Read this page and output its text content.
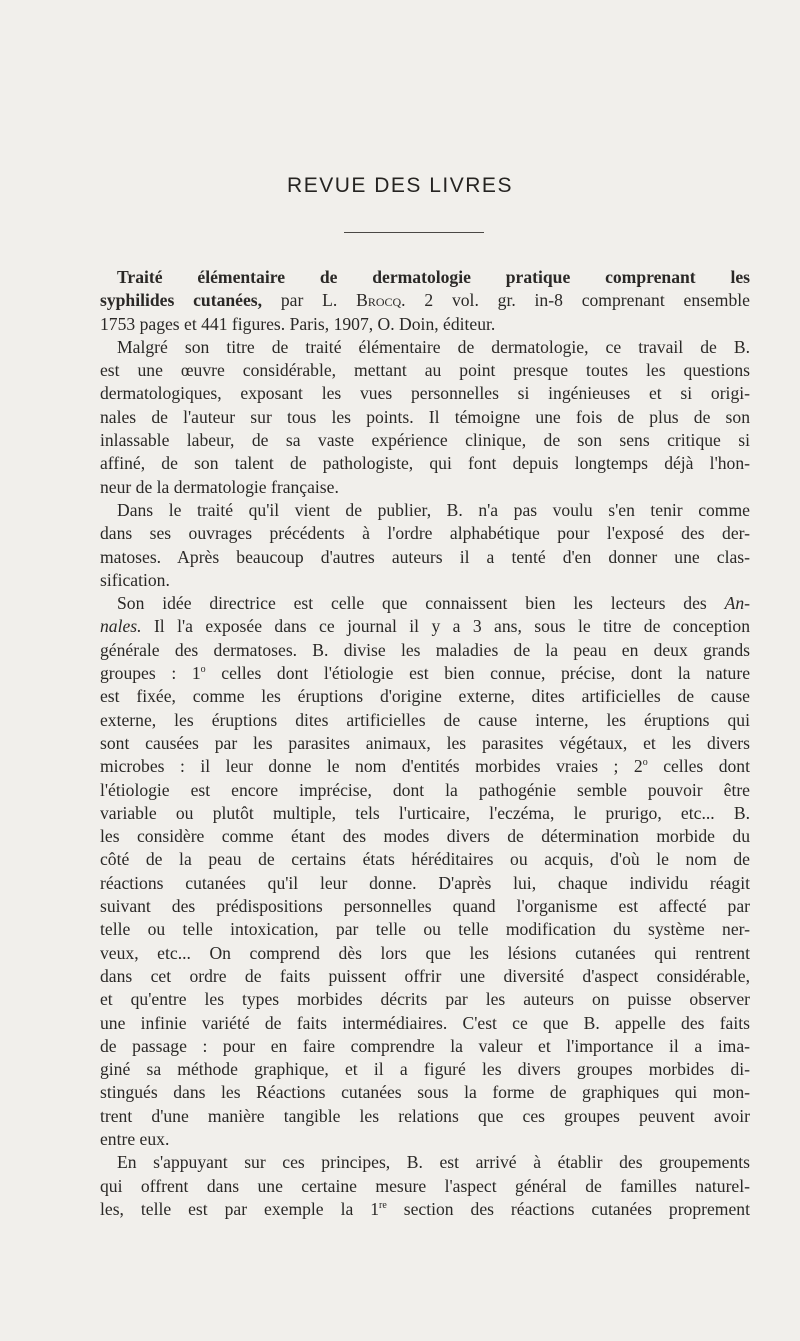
REVUE DES LIVRES

Traité élémentaire de dermatologie pratique comprenant les

syphilides cutanées, par L. Brocq. 2 vol. gr. in-8 comprenant ensemble

1753 pages et 441 figures. Paris, 1907, O. Doin, éditeur.

Malgré son titre de traité élémentaire de dermatologie, ce travail de B.

est une œuvre considérable, mettant au point presque toutes les questions

dermatologiques, exposant les vues personnelles si ingénieuses et si origi-

nales de l'auteur sur tous les points. Il témoigne une fois de plus de son

inlassable labeur, de sa vaste expérience clinique, de son sens critique si

affiné, de son talent de pathologiste, qui font depuis longtemps déjà l'hon-

neur de la dermatologie française.

Dans le traité qu'il vient de publier, B. n'a pas voulu s'en tenir comme

dans ses ouvrages précédents à l'ordre alphabétique pour l'exposé des der-

matoses. Après beaucoup d'autres auteurs il a tenté d'en donner une clas-

sification.

Son idée directrice est celle que connaissent bien les lecteurs des An-

nales. Il l'a exposée dans ce journal il y a 3 ans, sous le titre de conception

générale des dermatoses. B. divise les maladies de la peau en deux grands

groupes : 1$^o$ celles dont l'étiologie est bien connue, précise, dont la nature

est fixée, comme les éruptions d'origine externe, dites artificielles de cause

externe, les éruptions dites artificielles de cause interne, les éruptions qui

sont causées par les parasites animaux, les parasites végétaux, et les divers

microbes : il leur donne le nom d'entités morbides vraies ; 2$^o$ celles dont

l'étiologie est encore imprécise, dont la pathogénie semble pouvoir être

variable ou plutôt multiple, tels l'urticaire, l'eczéma, le prurigo, etc... B.

les considère comme étant des modes divers de détermination morbide du

côté de la peau de certains états héréditaires ou acquis, d'où le nom de

réactions cutanées qu'il leur donne. D'après lui, chaque individu réagit

suivant des prédispositions personnelles quand l'organisme est affecté par

telle ou telle intoxication, par telle ou telle modification du système ner-

veux, etc... On comprend dès lors que les lésions cutanées qui rentrent

dans cet ordre de faits puissent offrir une diversité d'aspect considérable,

et qu'entre les types morbides décrits par les auteurs on puisse observer

une infinie variété de faits intermédiaires. C'est ce que B. appelle des faits

de passage : pour en faire comprendre la valeur et l'importance il a ima-

giné sa méthode graphique, et il a figuré les divers groupes morbides di-

stingués dans les Réactions cutanées sous la forme de graphiques qui mon-

trent d'une manière tangible les relations que ces groupes peuvent avoir

entre eux.

En s'appuyant sur ces principes, B. est arrivé à établir des groupements

qui offrent dans une certaine mesure l'aspect général de familles naturel-

les, telle est par exemple la 1re section des réactions cutanées proprement
